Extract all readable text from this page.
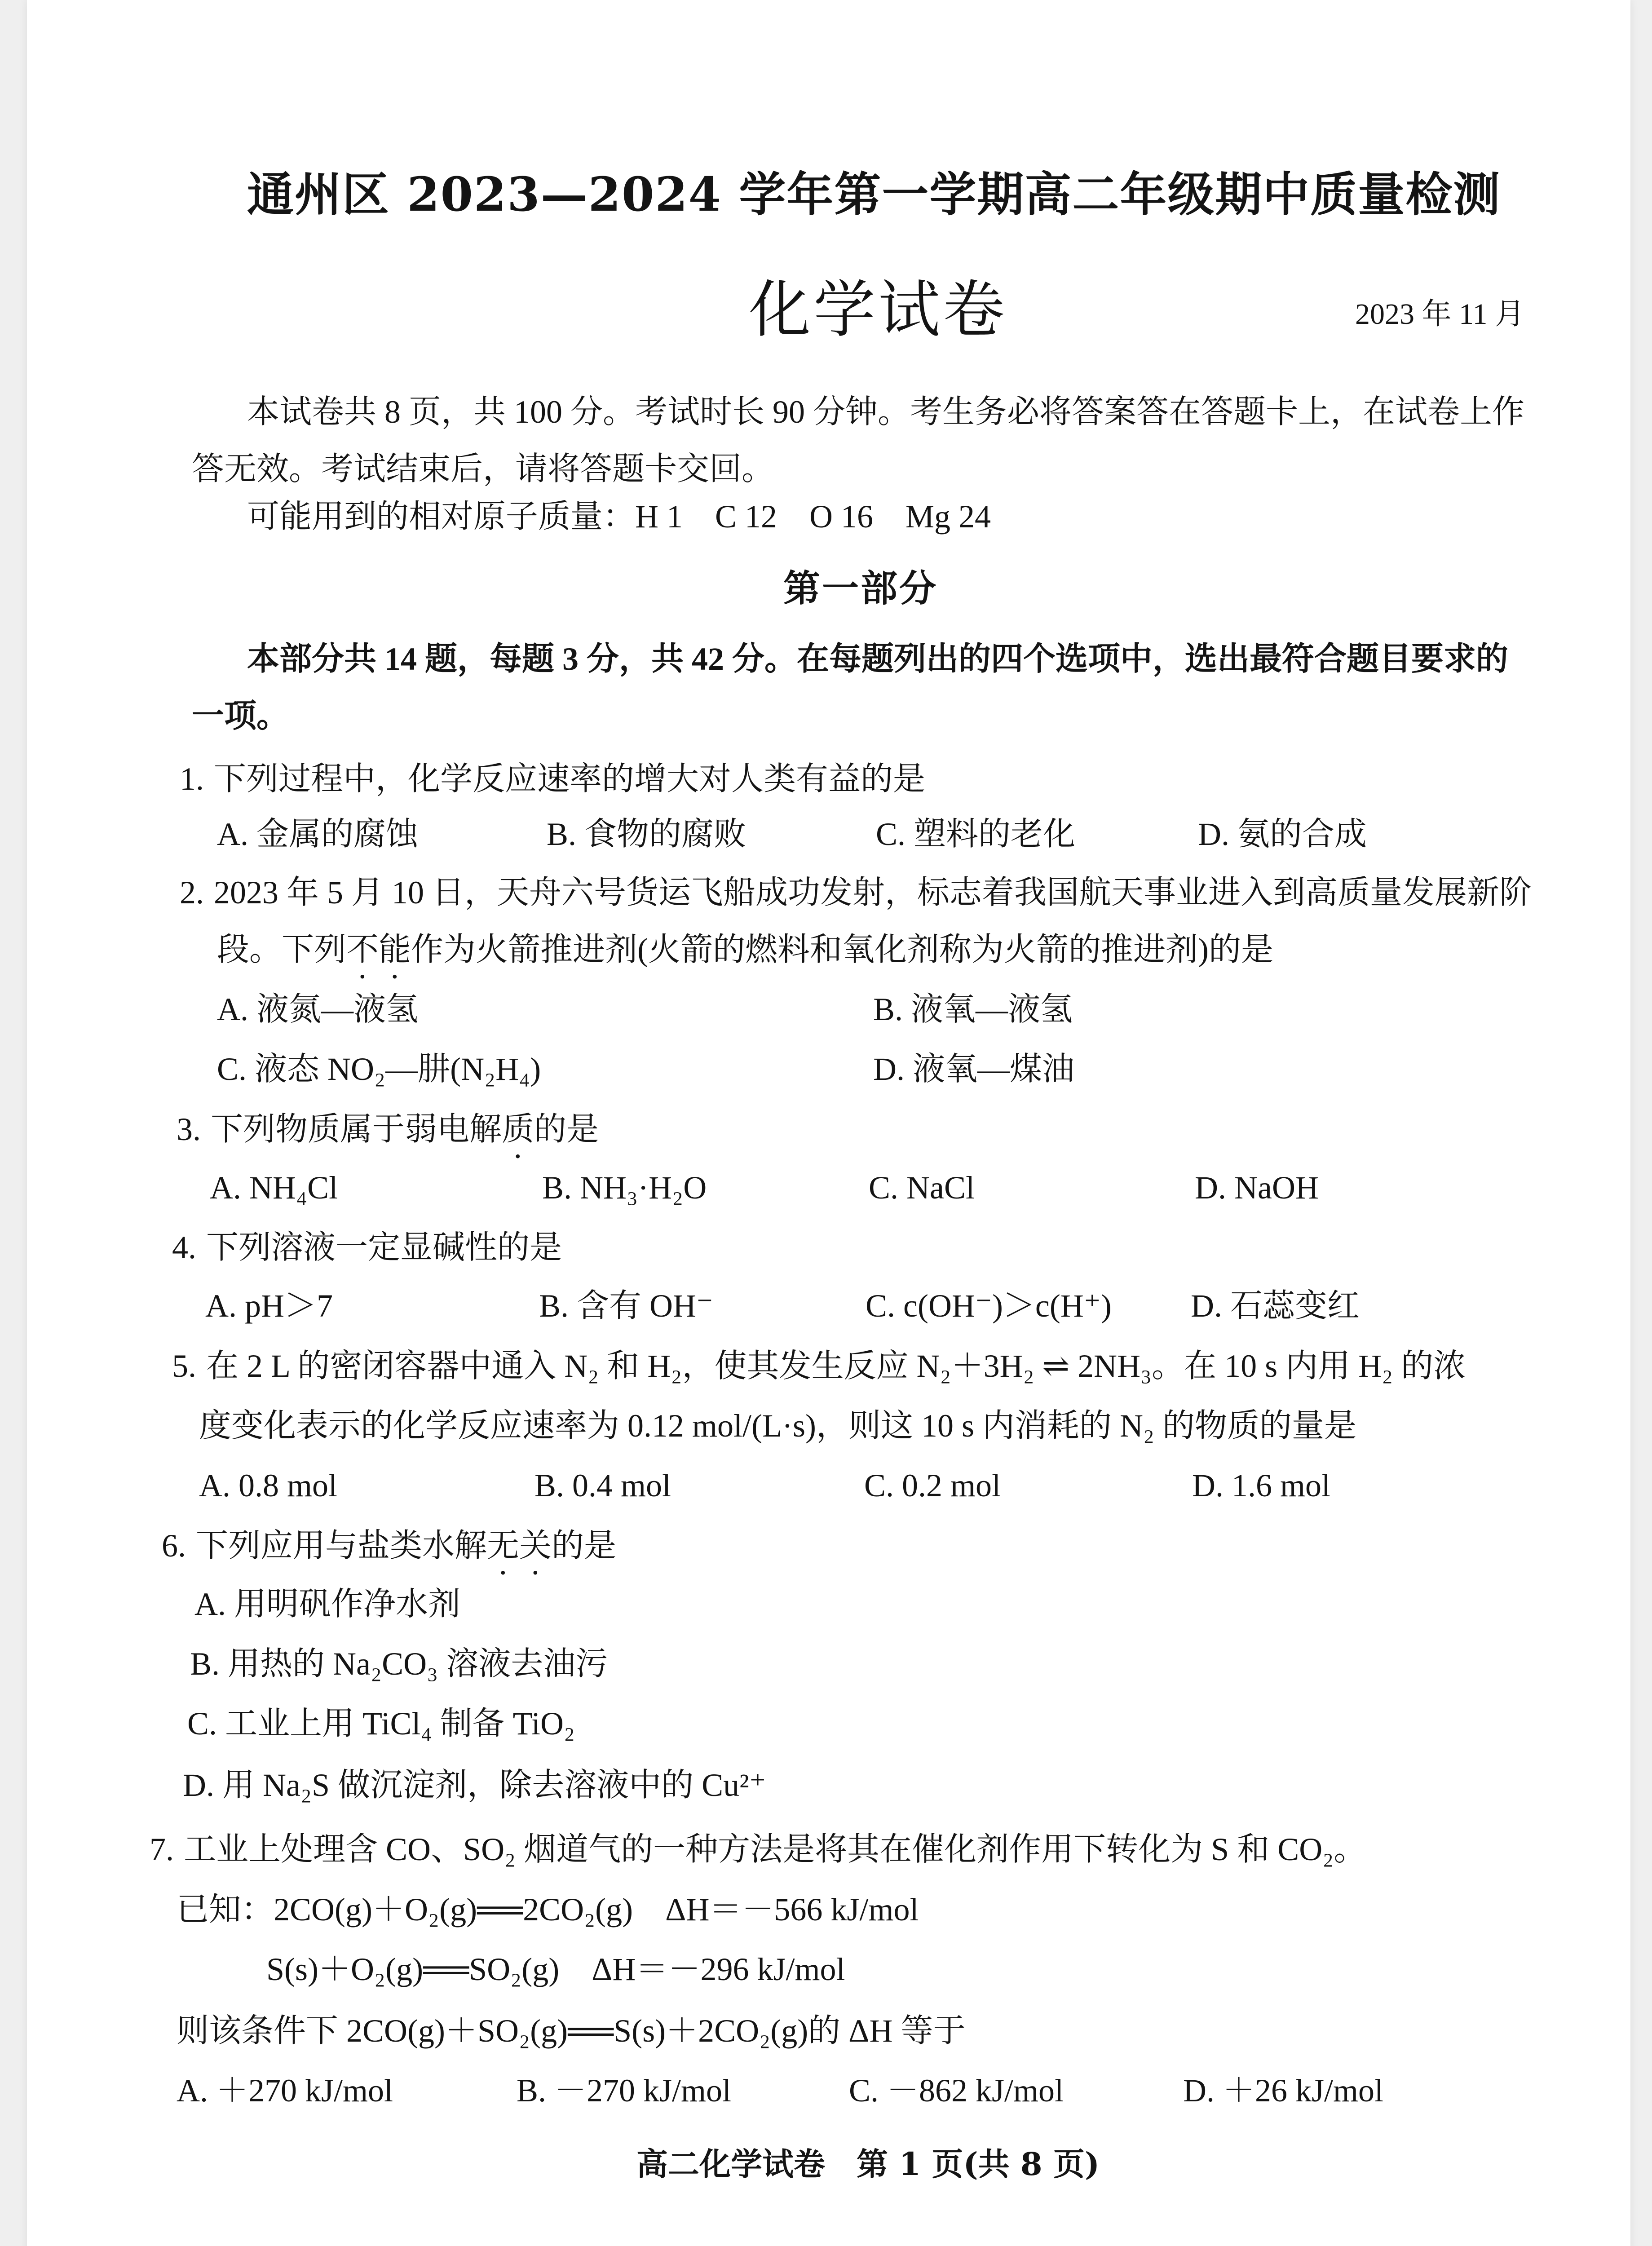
通州区 2023—2024 学年第一学期高二年级期中质量检测
化学试卷	2023 年 11 月
本试卷共 8 页，共 100 分。考试时长 90 分钟。考生务必将答案答在答题卡上，在试卷上作
答无效。考试结束后，请将答题卡交回。
可能用到的相对原子质量：H 1　C 12　O 16　Mg 24
第一部分
本部分共 14 题，每题 3 分，共 42 分。在每题列出的四个选项中，选出最符合题目要求的
一项。
1. 下列过程中，化学反应速率的增大对人类有益的是
A. 金属的腐蚀	B. 食物的腐败	C. 塑料的老化	D. 氨的合成
2. 2023 年 5 月 10 日，天舟六号货运飞船成功发射，标志着我国航天事业进入到高质量发展新阶
段。下列不能作为火箭推进剂(火箭的燃料和氧化剂称为火箭的推进剂)的是
A. 液氮—液氢	B. 液氧—液氢
C. 液态 NO₂—肼(N₂H₄)	D. 液氧—煤油
3. 下列物质属于弱电解质的是
A. NH₄Cl	B. NH₃·H₂O	C. NaCl	D. NaOH
4. 下列溶液一定显碱性的是
A. pH＞7	B. 含有 OH⁻	C. c(OH⁻)＞c(H⁺) D. 石蕊变红
5. 在 2 L 的密闭容器中通入 N₂ 和 H₂，使其发生反应 N₂＋3H₂ ⇌ 2NH₃。在 10 s 内用 H₂ 的浓
度变化表示的化学反应速率为 0.12 mol/(L·s)，则这 10 s 内消耗的 N₂ 的物质的量是
A. 0.8 mol	B. 0.4 mol	C. 0.2 mol	D. 1.6 mol
6. 下列应用与盐类水解无关的是
A. 用明矾作净水剂
B. 用热的 Na₂CO₃ 溶液去油污
C. 工业上用 TiCl₄ 制备 TiO₂
D. 用 Na₂S 做沉淀剂，除去溶液中的 Cu²⁺
7. 工业上处理含 CO、SO₂ 烟道气的一种方法是将其在催化剂作用下转化为 S 和 CO₂。
已知：2CO(g)＋O₂(g)══2CO₂(g)　ΔH＝－566 kJ/mol
S(s)＋O₂(g)══SO₂(g)　ΔH＝－296 kJ/mol
则该条件下 2CO(g)＋SO₂(g)══S(s)＋2CO₂(g)的 ΔH 等于
A. ＋270 kJ/mol	B. －270 kJ/mol	C. －862 kJ/mol	D. ＋26 kJ/mol
高二化学试卷　第 1 页(共 8 页)
